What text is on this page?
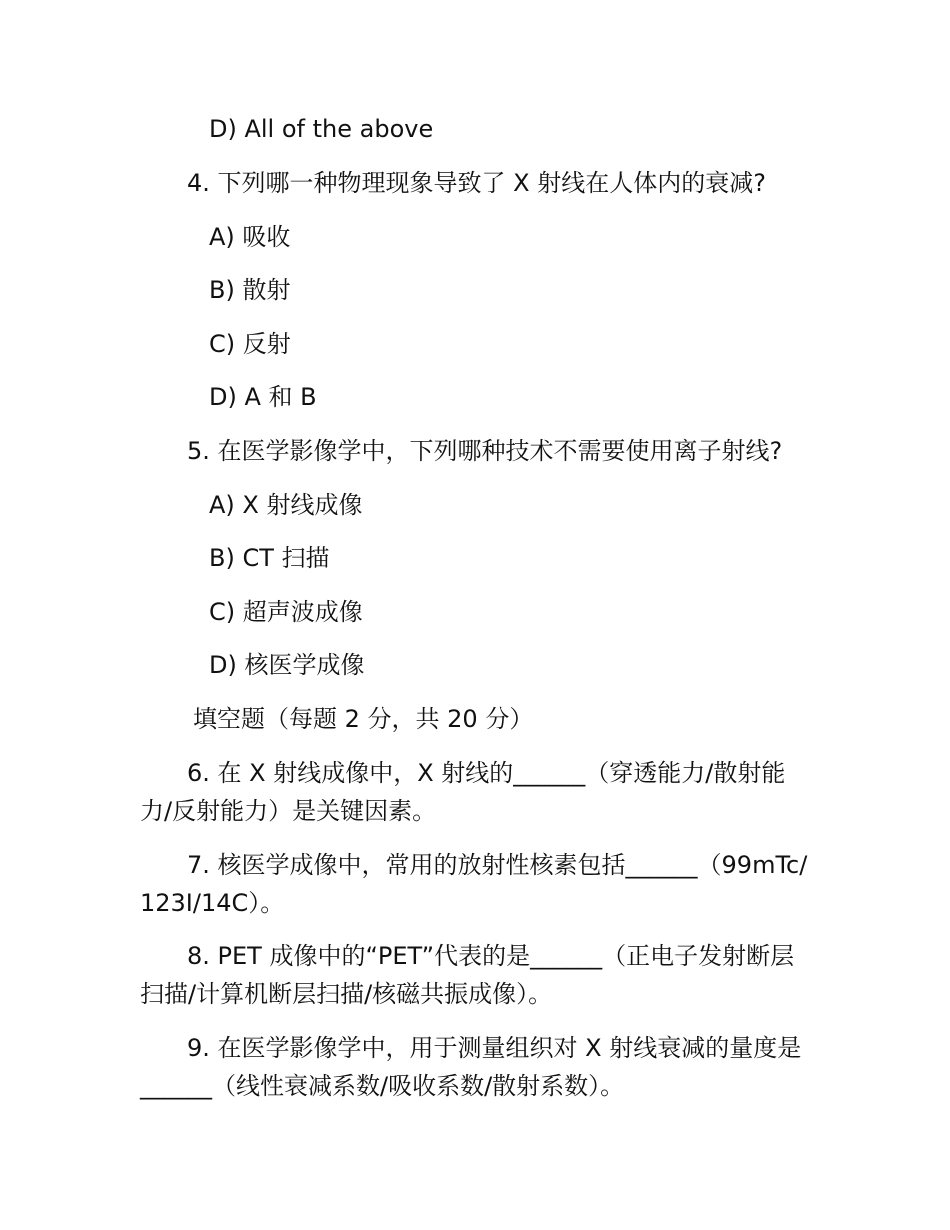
D) All of the above
4. 下列哪一种物理现象导致了 X 射线在人体内的衰减?
A) 吸收
B) 散射
C) 反射
D) A 和 B
5. 在医学影像学中，下列哪种技术不需要使用离子射线?
A) X 射线成像
B) CT 扫描
C) 超声波成像
D) 核医学成像
填空题（每题 2 分，共 20 分）
6. 在 X 射线成像中，X 射线的______（穿透能力/散射能力/反射能力）是关键因素。
7. 核医学成像中，常用的放射性核素包括______（99mTc/123I/14C）。
8. PET 成像中的“PET”代表的是______（正电子发射断层扫描/计算机断层扫描/核磁共振成像）。
9. 在医学影像学中，用于测量组织对 X 射线衰减的量度是______（线性衰减系数/吸收系数/散射系数）。
